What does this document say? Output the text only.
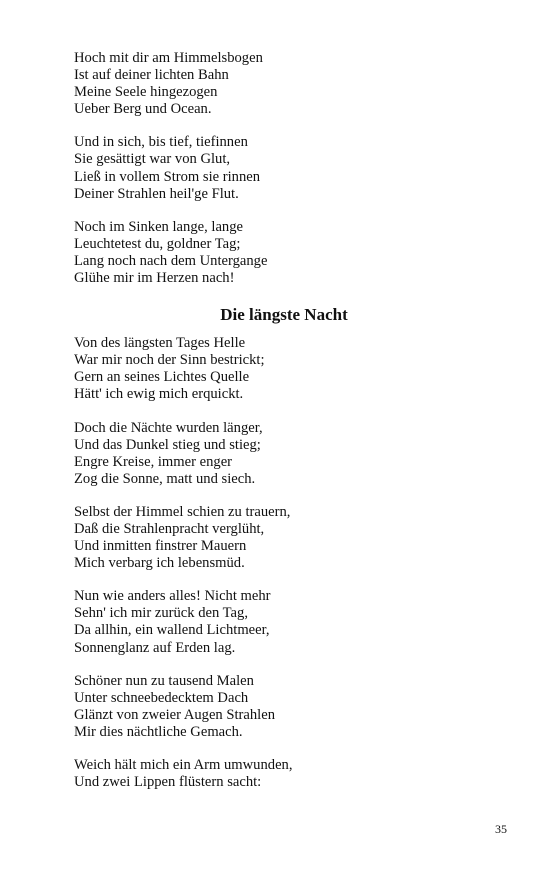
Hoch mit dir am Himmelsbogen
Ist auf deiner lichten Bahn
Meine Seele hingezogen
Ueber Berg und Ocean.
Und in sich, bis tief, tiefinnen
Sie gesättigt war von Glut,
Ließ in vollem Strom sie rinnen
Deiner Strahlen heil'ge Flut.
Noch im Sinken lange, lange
Leuchtetest du, goldner Tag;
Lang noch nach dem Untergange
Glühe mir im Herzen nach!
Die längste Nacht
Von des längsten Tages Helle
War mir noch der Sinn bestrickt;
Gern an seines Lichtes Quelle
Hätt' ich ewig mich erquickt.
Doch die Nächte wurden länger,
Und das Dunkel stieg und stieg;
Engre Kreise, immer enger
Zog die Sonne, matt und siech.
Selbst der Himmel schien zu trauern,
Daß die Strahlenpracht verglüht,
Und inmitten finstrer Mauern
Mich verbarg ich lebensmüd.
Nun wie anders alles! Nicht mehr
Sehn' ich mir zurück den Tag,
Da allhin, ein wallend Lichtmeer,
Sonnenglanz auf Erden lag.
Schöner nun zu tausend Malen
Unter schneebedecktem Dach
Glänzt von zweier Augen Strahlen
Mir dies nächtliche Gemach.
Weich hält mich ein Arm umwunden,
Und zwei Lippen flüstern sacht:
35
